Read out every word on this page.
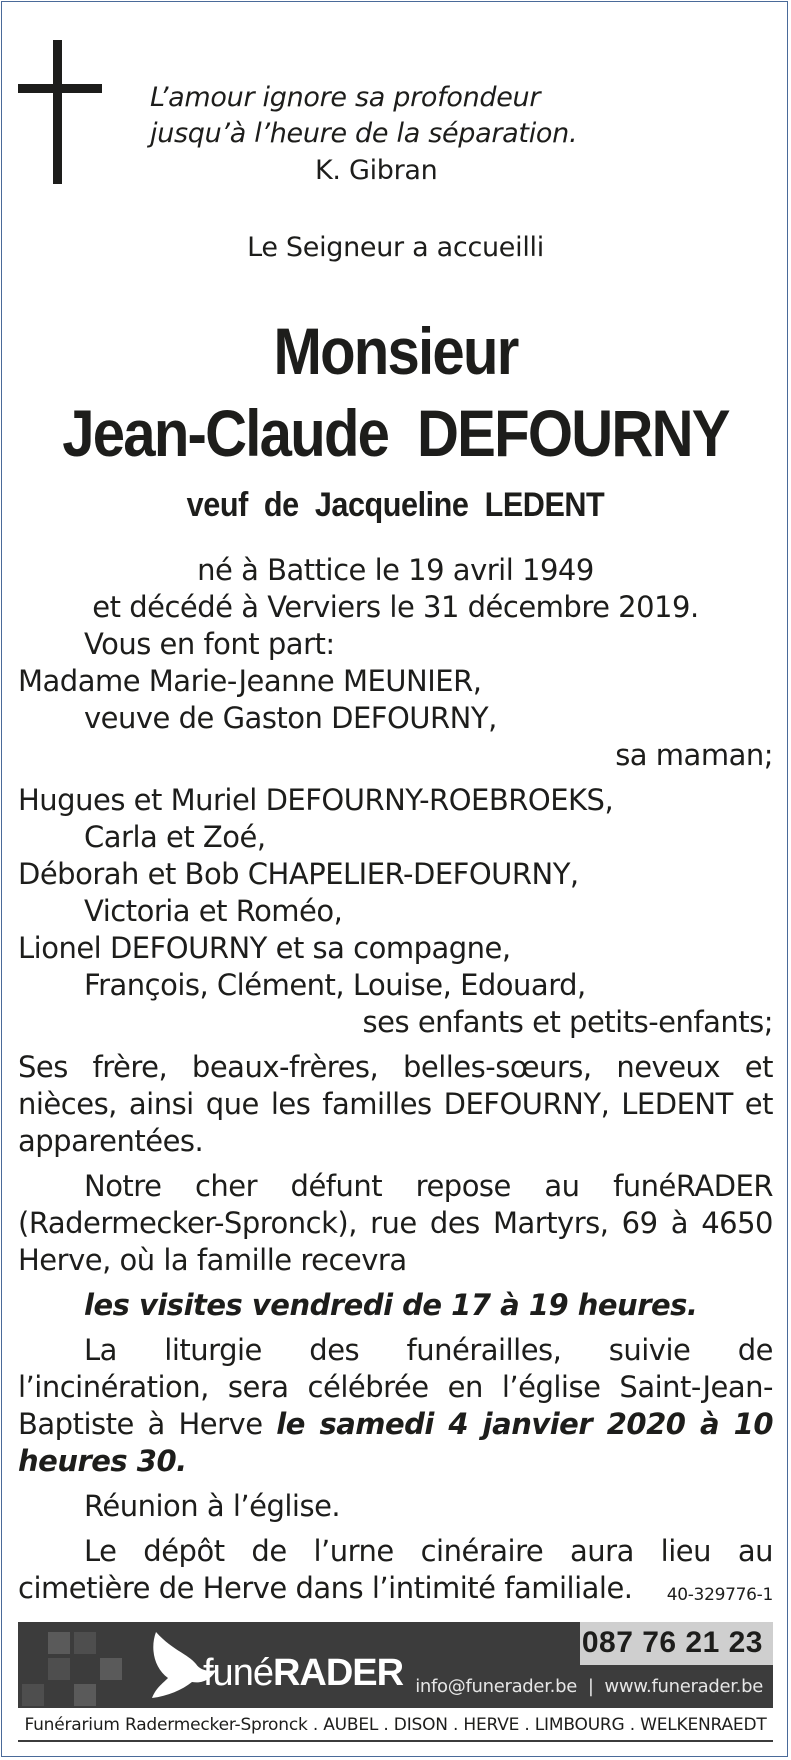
L’amour ignore sa profondeur
jusqu’à l’heure de la séparation.
K. Gibran
Le Seigneur a accueilli
Monsieur
Jean-Claude  DEFOURNY
veuf  de  Jacqueline  LEDENT
né à Battice le 19 avril 1949
et décédé à Verviers le 31 décembre 2019.
Vous en font part:
Madame Marie-Jeanne MEUNIER,
veuve de Gaston DEFOURNY,
sa maman;
Hugues et Muriel DEFOURNY-ROEBROEKS,
Carla et Zoé,
Déborah et Bob CHAPELIER-DEFOURNY,
Victoria et Roméo,
Lionel DEFOURNY et sa compagne,
François, Clément, Louise, Edouard,
ses enfants et petits-enfants;
Ses frère, beaux-frères, belles-sœurs, neveux et nièces, ainsi que les familles DEFOURNY, LEDENT et apparentées.
Notre cher défunt repose au funéRADER (Radermecker-Spronck), rue des Martyrs, 69 à 4650 Herve, où la famille recevra
les visites vendredi de 17 à 19 heures.
La liturgie des funérailles, suivie de l’incinération, sera célébrée en l’église Saint-Jean-Baptiste à Herve le samedi 4 janvier 2020 à 10 heures 30.
Réunion à l’église.
Le dépôt de l’urne cinéraire aura lieu au cimetière de Herve dans l’intimité familiale.	40-329776-1
funéRADER
087 76 21 23
info@funerader.be  |  www.funerader.be
Funérarium Radermecker-Spronck . AUBEL . DISON . HERVE . LIMBOURG . WELKENRAEDT
